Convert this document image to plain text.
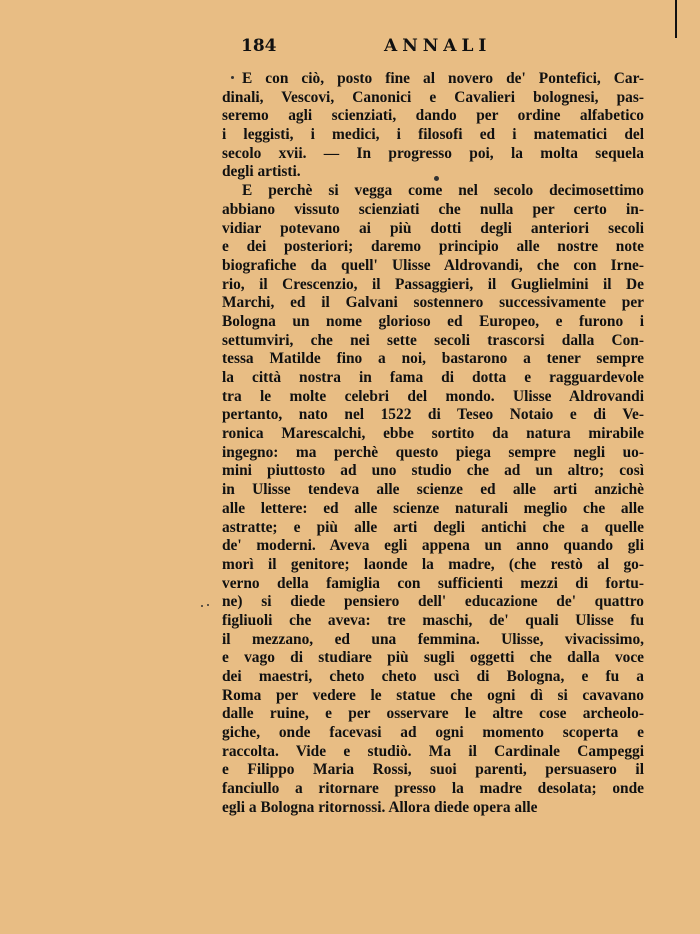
184	ANNALI
E con ciò, posto fine al novero de' Pontefici, Car-
dinali, Vescovi, Canonici e Cavalieri bolognesi, pas-
seremo agli scienziati, dando per ordine alfabetico
i leggisti, i medici, i filosofi ed i matematici del
secolo xvii. — In progresso poi, la molta sequela
degli artisti.
E perchè si vegga come nel secolo decimosettimo
abbiano vissuto scienziati che nulla per certo in-
vidiar potevano ai più dotti degli anteriori secoli
e dei posteriori; daremo principio alle nostre note
biografiche da quell' Ulisse Aldrovandi, che con Irne-
rio, il Crescenzio, il Passaggieri, il Guglielmini il De
Marchi, ed il Galvani sostennero successivamente per
Bologna un nome glorioso ed Europeo, e furono i
settumviri, che nei sette secoli trascorsi dalla Con-
tessa Matilde fino a noi, bastarono a tener sempre
la città nostra in fama di dotta e ragguardevole
tra le molte celebri del mondo. Ulisse Aldrovandi
pertanto, nato nel 1522 di Teseo Notaio e di Ve-
ronica Marescalchi, ebbe sortito da natura mirabile
ingegno: ma perchè questo piega sempre negli uo-
mini piuttosto ad uno studio che ad un altro; così
in Ulisse tendeva alle scienze ed alle arti anzichè
alle lettere: ed alle scienze naturali meglio che alle
astratte; e più alle arti degli antichi che a quelle
de' moderni. Aveva egli appena un anno quando gli
morì il genitore; laonde la madre, (che restò al go-
verno della famiglia con sufficienti mezzi di fortu-
ne) si diede pensiero dell' educazione de' quattro
figliuoli che aveva: tre maschi, de' quali Ulisse fu
il mezzano, ed una femmina. Ulisse, vivacissimo,
e vago di studiare più sugli oggetti che dalla voce
dei maestri, cheto cheto uscì di Bologna, e fu a
Roma per vedere le statue che ogni dì si cavavano
dalle ruine, e per osservare le altre cose archeolo-
giche, onde facevasi ad ogni momento scoperta e
raccolta. Vide e studiò. Ma il Cardinale Campeggi
e Filippo Maria Rossi, suoi parenti, persuasero il
fanciullo a ritornare presso la madre desolata; onde
egli a Bologna ritornossi. Allora diede opera alle
